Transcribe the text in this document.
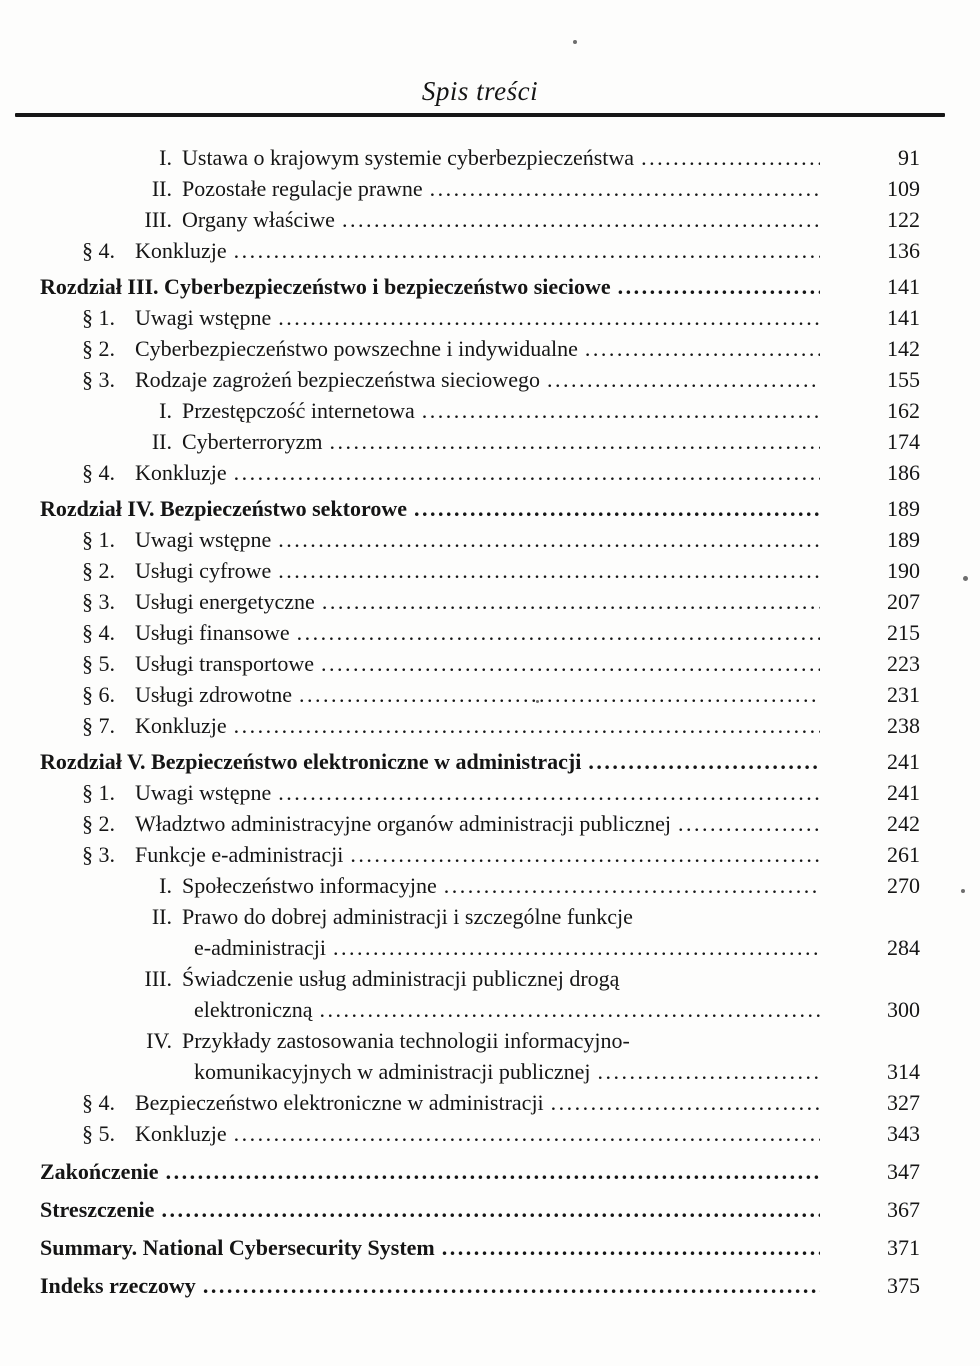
Spis treści
I. Ustawa o krajowym systemie cyberbezpieczeństwa .....	91
II. Pozostałe regulacje prawne .....	109
III. Organy właściwe .....	122
§ 4. Konkluzje .....	136
Rozdział III. Cyberbezpieczeństwo i bezpieczeństwo sieciowe .....	141
§ 1. Uwagi wstępne .....	141
§ 2. Cyberbezpieczeństwo powszechne i indywidualne .....	142
§ 3. Rodzaje zagrożeń bezpieczeństwa sieciowego .....	155
I. Przestępczość internetowa .....	162
II. Cyberterroryzm .....	174
§ 4. Konkluzje .....	186
Rozdział IV. Bezpieczeństwo sektorowe .....	189
§ 1. Uwagi wstępne .....	189
§ 2. Usługi cyfrowe .....	190
§ 3. Usługi energetyczne .....	207
§ 4. Usługi finansowe .....	215
§ 5. Usługi transportowe .....	223
§ 6. Usługi zdrowotne .....	231
§ 7. Konkluzje .....	238
Rozdział V. Bezpieczeństwo elektroniczne w administracji .....	241
§ 1. Uwagi wstępne .....	241
§ 2. Władztwo administracyjne organów administracji publicznej .....	242
§ 3. Funkcje e-administracji .....	261
I. Społeczeństwo informacyjne .....	270
II. Prawo do dobrej administracji i szczególne funkcje
e-administracji .....	284
III. Świadczenie usług administracji publicznej drogą
elektroniczną .....	300
IV. Przykłady zastosowania technologii informacyjno-
komunikacyjnych w administracji publicznej .....	314
§ 4. Bezpieczeństwo elektroniczne w administracji .....	327
§ 5. Konkluzje .....	343
Zakończenie .....	347
Streszczenie .....	367
Summary. National Cybersecurity System .....	371
Indeks rzeczowy .....	375
